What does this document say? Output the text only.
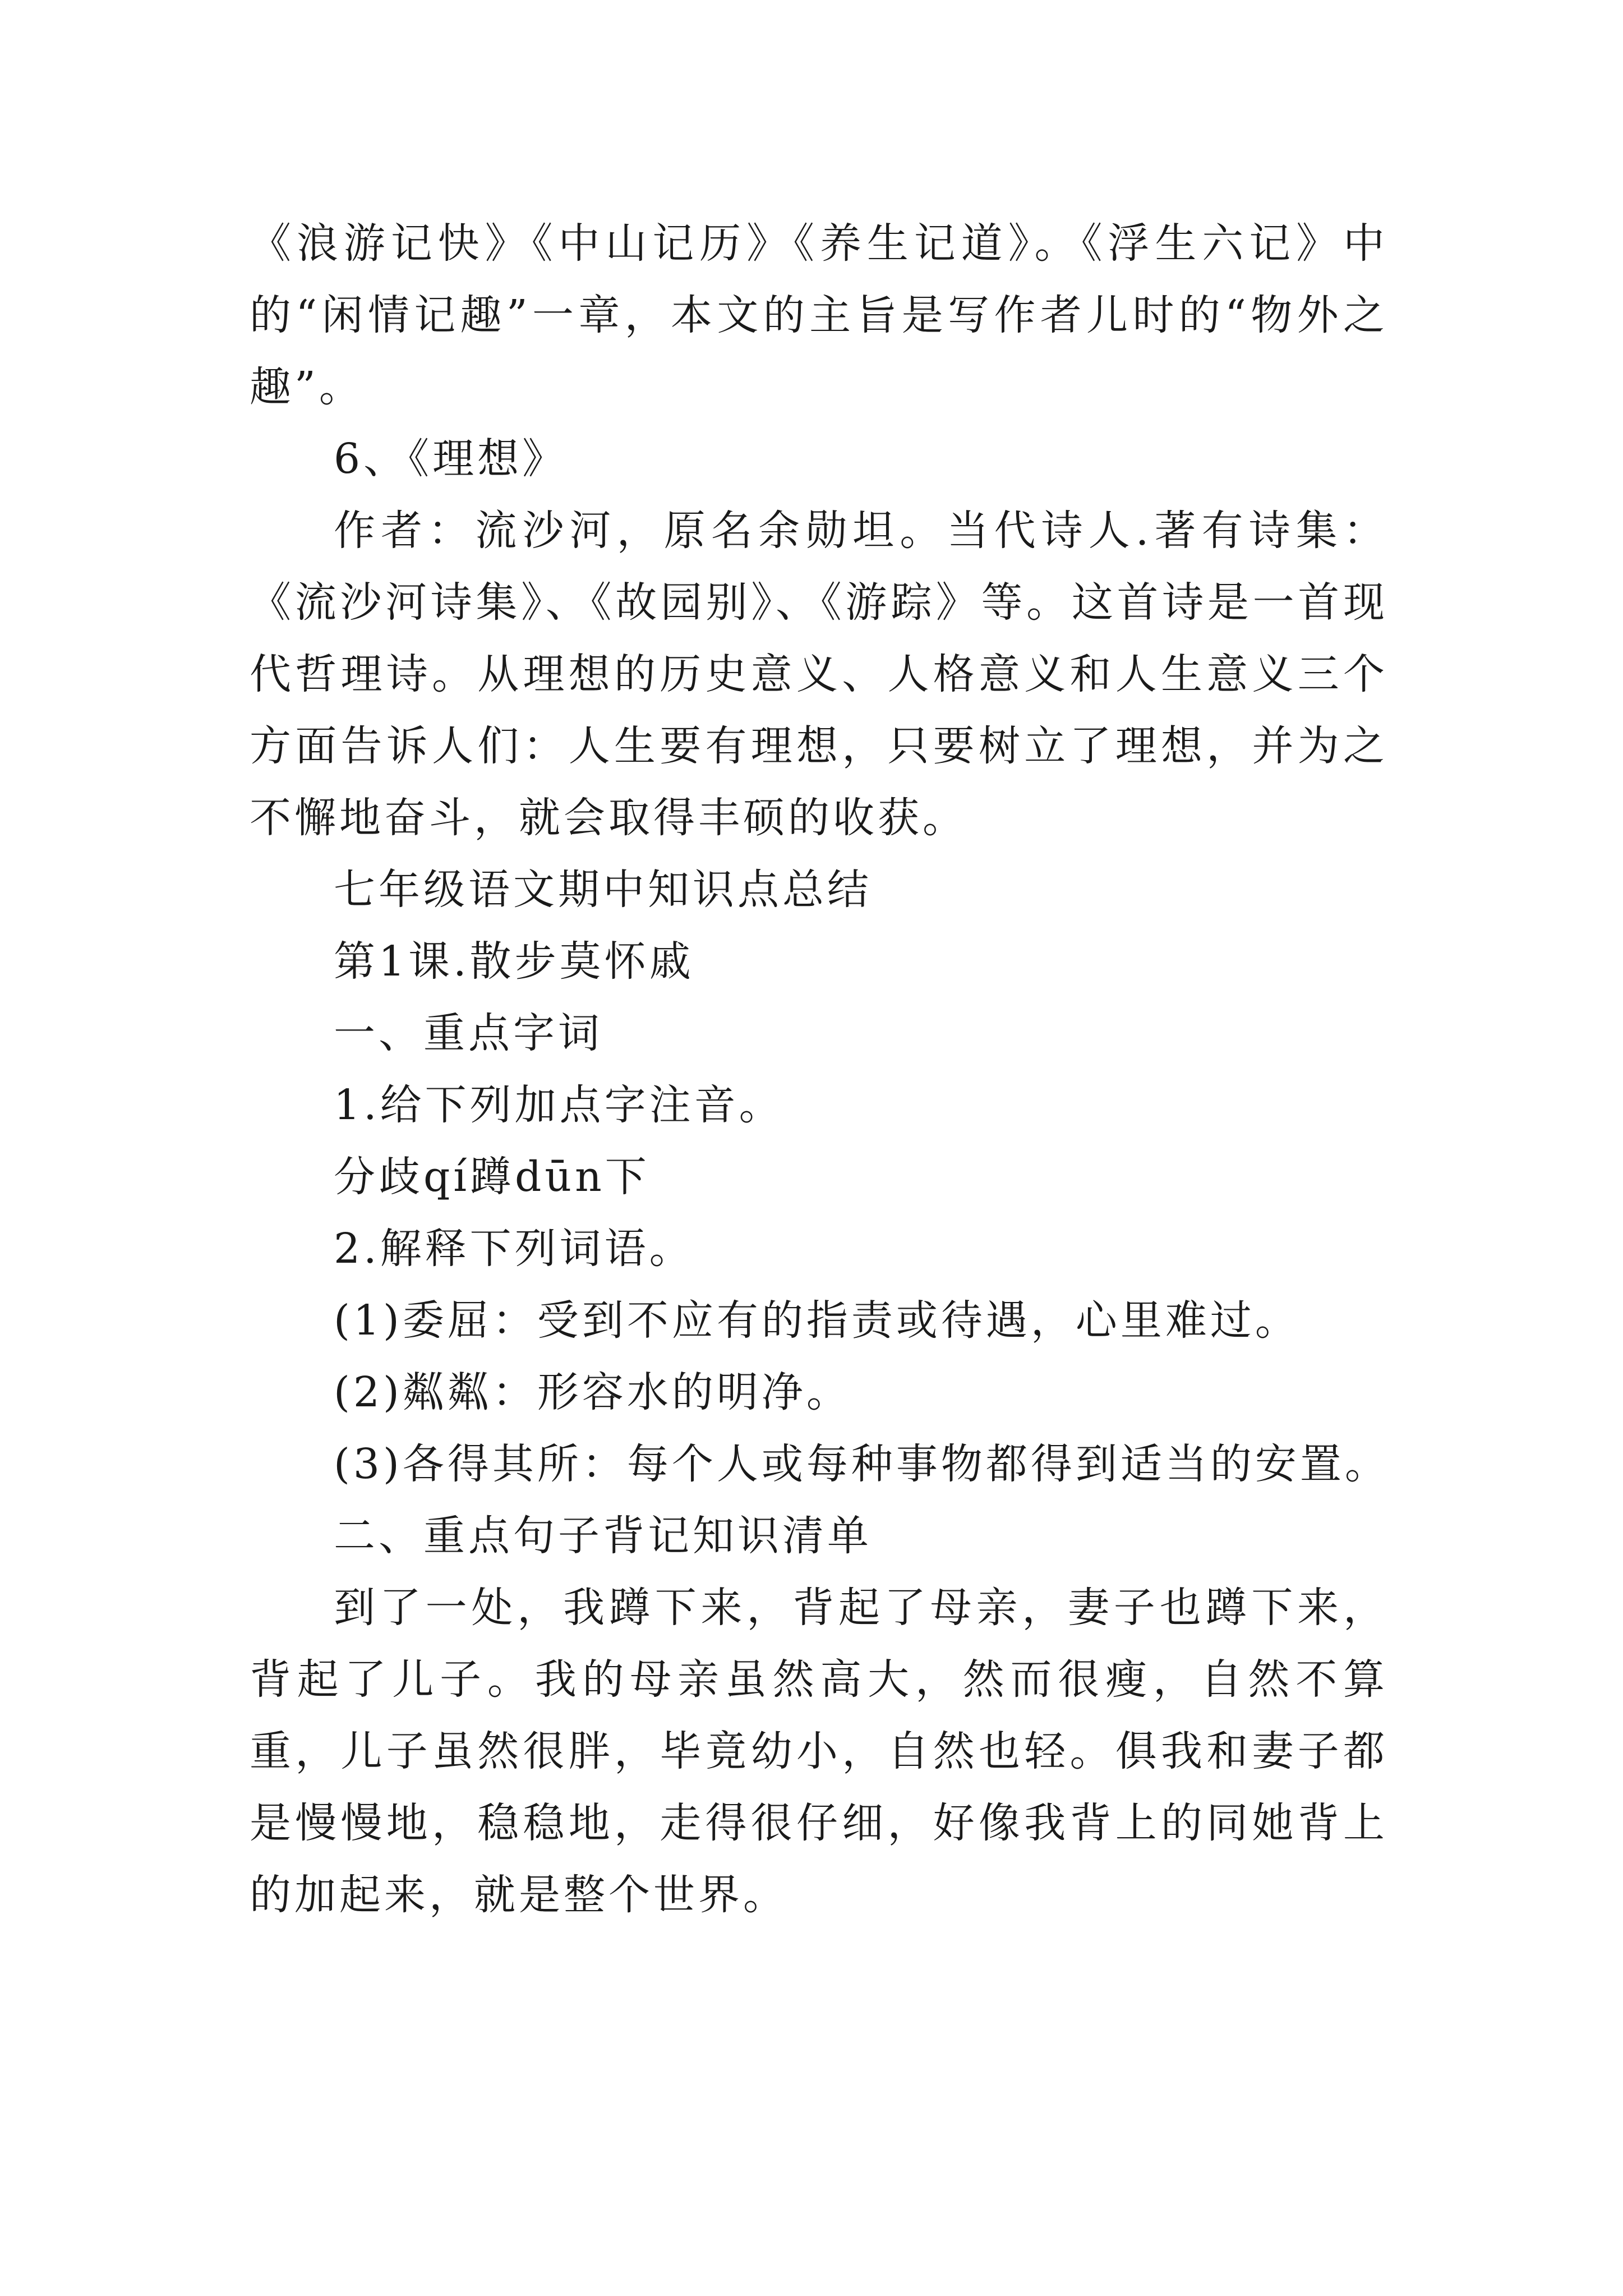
《浪游记快》《中山记历》《养生记道》。《浮生六记》中的“闲情记趣”一章，本文的主旨是写作者儿时的“物外之趣”。

6、《理想》

作者：流沙河，原名余勋坦。当代诗人.著有诗集：《流沙河诗集》、《故园别》、《游踪》等。这首诗是一首现代哲理诗。从理想的历史意义、人格意义和人生意义三个方面告诉人们：人生要有理想，只要树立了理想，并为之不懈地奋斗，就会取得丰硕的收获。

七年级语文期中知识点总结

第1课.散步莫怀戚

一、重点字词

1.给下列加点字注音。

分歧qí蹲dūn下

2.解释下列词语。

(1)委屈：受到不应有的指责或待遇，心里难过。

(2)粼粼：形容水的明净。

(3)各得其所：每个人或每种事物都得到适当的安置。

二、重点句子背记知识清单

到了一处，我蹲下来，背起了母亲，妻子也蹲下来，背起了儿子。我的母亲虽然高大，然而很瘦，自然不算重，儿子虽然很胖，毕竟幼小，自然也轻。俱我和妻子都是慢慢地，稳稳地，走得很仔细，好像我背上的同她背上的加起来，就是整个世界。
